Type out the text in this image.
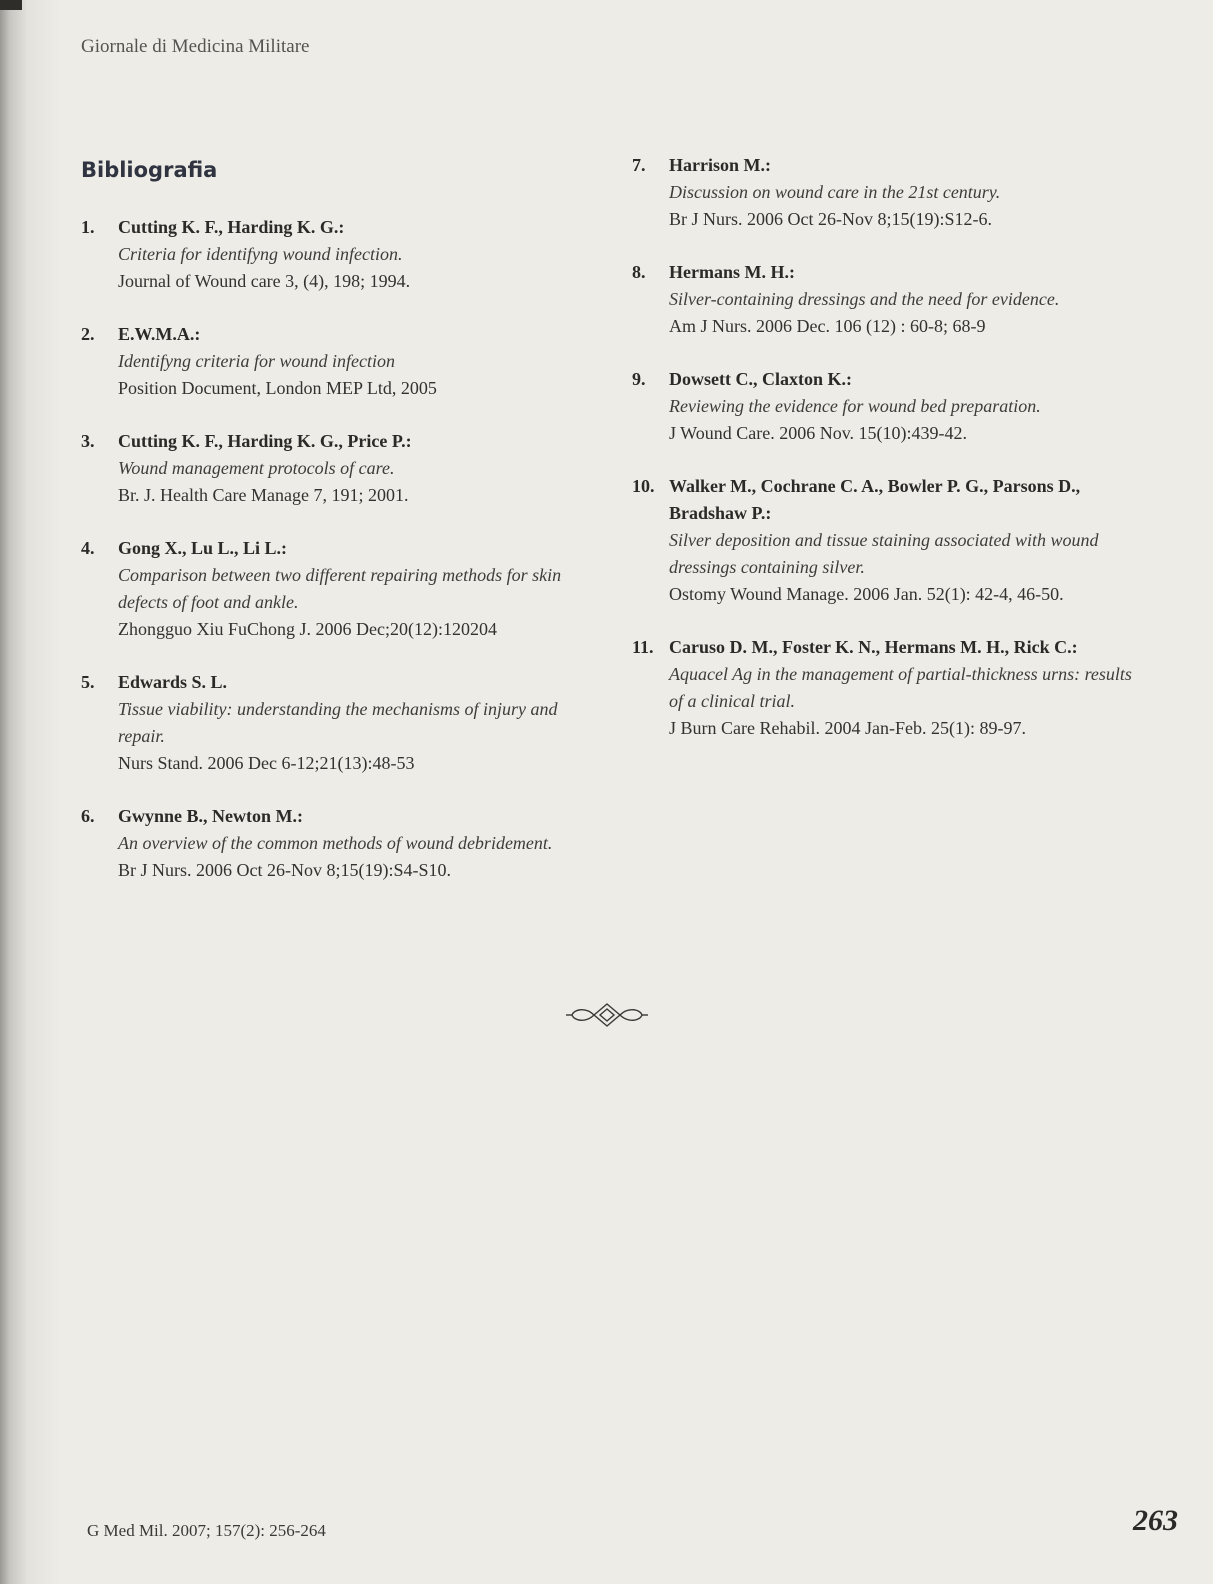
Giornale di Medicina Militare
Bibliografia
1.	Cutting K. F., Harding K. G.:
Criteria for identifyng wound infection.
Journal of Wound care 3, (4), 198; 1994.
2.	E.W.M.A.:
Identifyng criteria for wound infection
Position Document, London MEP Ltd, 2005
3.	Cutting K. F., Harding K. G., Price P.:
Wound management protocols of care.
Br. J. Health Care Manage 7, 191; 2001.
4.	Gong X., Lu L., Li L.:
Comparison between two different repairing methods for skin defects of foot and ankle.
Zhongguo Xiu FuChong J. 2006 Dec;20(12):120204
5.	Edwards S. L.
Tissue viability: understanding the mechanisms of injury and repair.
Nurs Stand. 2006 Dec 6-12;21(13):48-53
6.	Gwynne B., Newton M.:
An overview of the common methods of wound debridement.
Br J Nurs. 2006 Oct 26-Nov 8;15(19):S4-S10.
7.	Harrison M.:
Discussion on wound care in the 21st century.
Br J Nurs. 2006 Oct 26-Nov 8;15(19):S12-6.
8.	Hermans M. H.:
Silver-containing dressings and the need for evidence.
Am J Nurs. 2006 Dec. 106 (12) : 60-8; 68-9
9.	Dowsett C., Claxton K.:
Reviewing the evidence for wound bed preparation.
J Wound Care. 2006 Nov. 15(10):439-42.
10. Walker M., Cochrane C. A., Bowler P. G., Parsons D., Bradshaw P.:
Silver deposition and tissue staining associated with wound dressings containing silver.
Ostomy Wound Manage. 2006 Jan. 52(1): 42-4, 46-50.
11. Caruso D. M., Foster K. N., Hermans M. H., Rick C.:
Aquacel Ag in the management of partial-thickness urns: results of a clinical trial.
J Burn Care Rehabil. 2004 Jan-Feb. 25(1): 89-97.
G Med Mil. 2007; 157(2): 256-264	263
